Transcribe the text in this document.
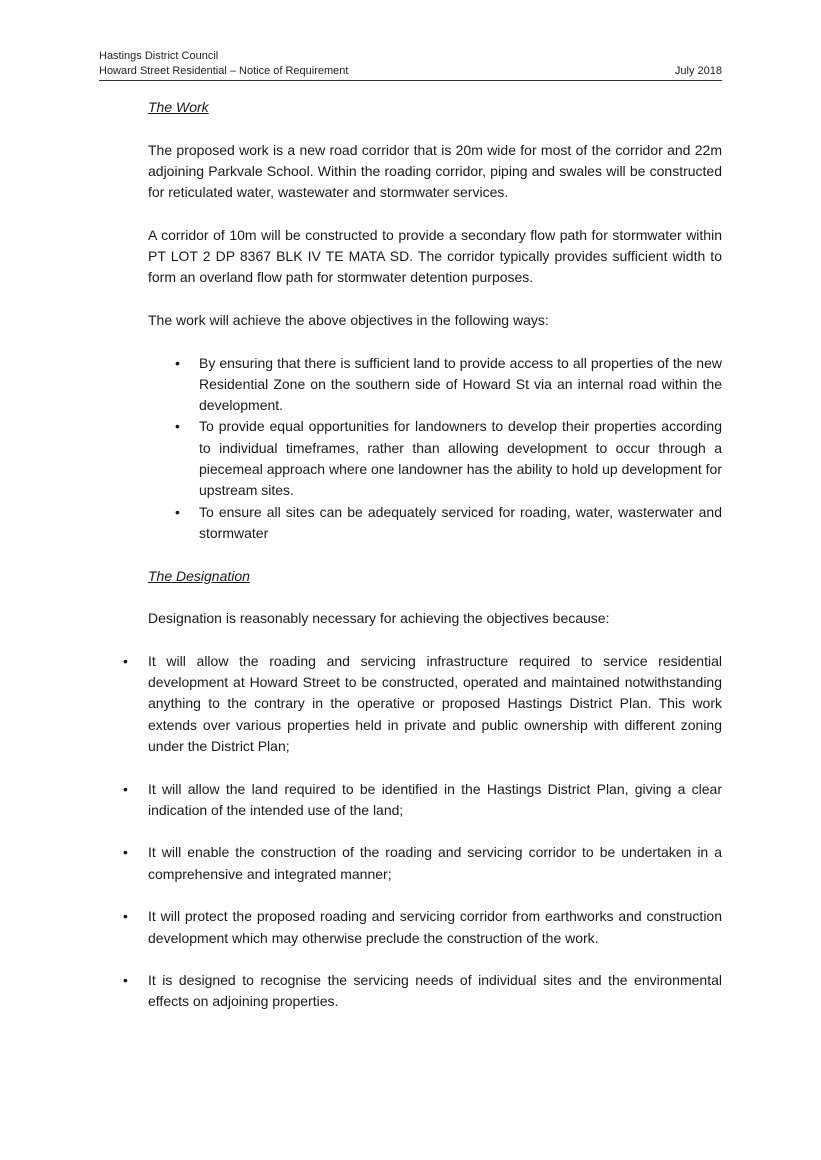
Hastings District Council
Howard Street Residential – Notice of Requirement	July 2018

The Work

The proposed work is a new road corridor that is 20m wide for most of the corridor and 22m adjoining Parkvale School. Within the roading corridor, piping and swales will be constructed for reticulated water, wastewater and stormwater services.

A corridor of 10m will be constructed to provide a secondary flow path for stormwater within PT LOT 2 DP 8367 BLK IV TE MATA SD. The corridor typically provides sufficient width to form an overland flow path for stormwater detention purposes.

The work will achieve the above objectives in the following ways:

• By ensuring that there is sufficient land to provide access to all properties of the new Residential Zone on the southern side of Howard St via an internal road within the development.
• To provide equal opportunities for landowners to develop their properties according to individual timeframes, rather than allowing development to occur through a piecemeal approach where one landowner has the ability to hold up development for upstream sites.
• To ensure all sites can be adequately serviced for roading, water, wasterwater and stormwater

The Designation

Designation is reasonably necessary for achieving the objectives because:

• It will allow the roading and servicing infrastructure required to service residential development at Howard Street to be constructed, operated and maintained notwithstanding anything to the contrary in the operative or proposed Hastings District Plan. This work extends over various properties held in private and public ownership with different zoning under the District Plan;
• It will allow the land required to be identified in the Hastings District Plan, giving a clear indication of the intended use of the land;
• It will enable the construction of the roading and servicing corridor to be undertaken in a comprehensive and integrated manner;
• It will protect the proposed roading and servicing corridor from earthworks and construction development which may otherwise preclude the construction of the work.
• It is designed to recognise the servicing needs of individual sites and the environmental effects on adjoining properties.
